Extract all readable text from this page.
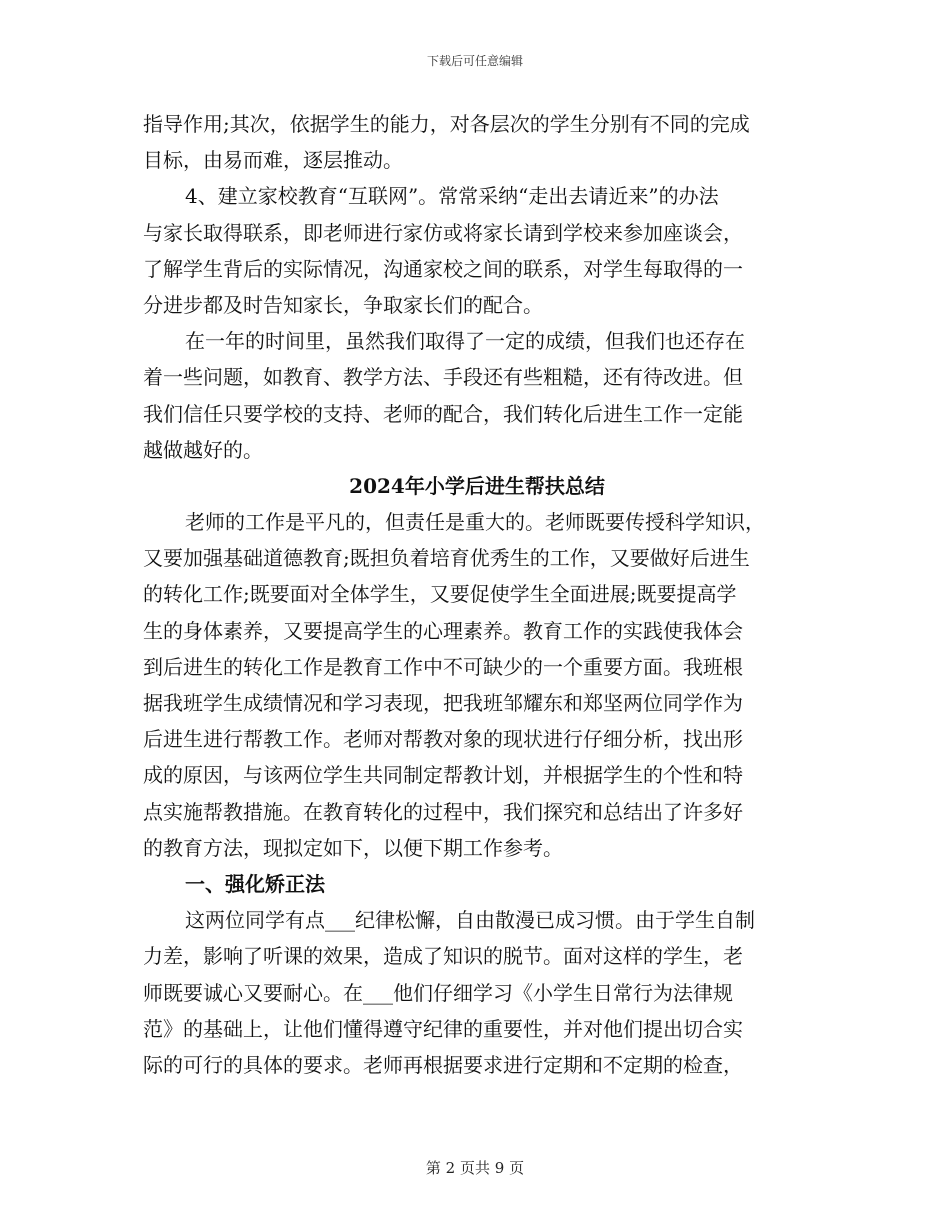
下载后可任意编辑
指导作用;其次，依据学生的能力，对各层次的学生分别有不同的完成
目标，由易而难，逐层推动。
4、建立家校教育“互联网”。常常采纳“走出去请近来”的办法
与家长取得联系，即老师进行家仿或将家长请到学校来参加座谈会，
了解学生背后的实际情况，沟通家校之间的联系，对学生每取得的一
分进步都及时告知家长，争取家长们的配合。
在一年的时间里，虽然我们取得了一定的成绩，但我们也还存在
着一些问题，如教育、教学方法、手段还有些粗糙，还有待改进。但
我们信任只要学校的支持、老师的配合，我们转化后进生工作一定能
越做越好的。
2024年小学后进生帮扶总结
老师的工作是平凡的，但责任是重大的。老师既要传授科学知识，
又要加强基础道德教育;既担负着培育优秀生的工作，又要做好后进生
的转化工作;既要面对全体学生，又要促使学生全面进展;既要提高学
生的身体素养，又要提高学生的心理素养。教育工作的实践使我体会
到后进生的转化工作是教育工作中不可缺少的一个重要方面。我班根
据我班学生成绩情况和学习表现，把我班邹耀东和郑坚两位同学作为
后进生进行帮教工作。老师对帮教对象的现状进行仔细分析，找出形
成的原因，与该两位学生共同制定帮教计划，并根据学生的个性和特
点实施帮教措施。在教育转化的过程中，我们探究和总结出了许多好
的教育方法，现拟定如下，以便下期工作参考。
一、强化矫正法
这两位同学有点___纪律松懈，自由散漫已成习惯。由于学生自制
力差，影响了听课的效果，造成了知识的脱节。面对这样的学生，老
师既要诚心又要耐心。在___他们仔细学习《小学生日常行为法律规
范》的基础上，让他们懂得遵守纪律的重要性，并对他们提出切合实
际的可行的具体的要求。老师再根据要求进行定期和不定期的检查，
第 2 页共 9 页
